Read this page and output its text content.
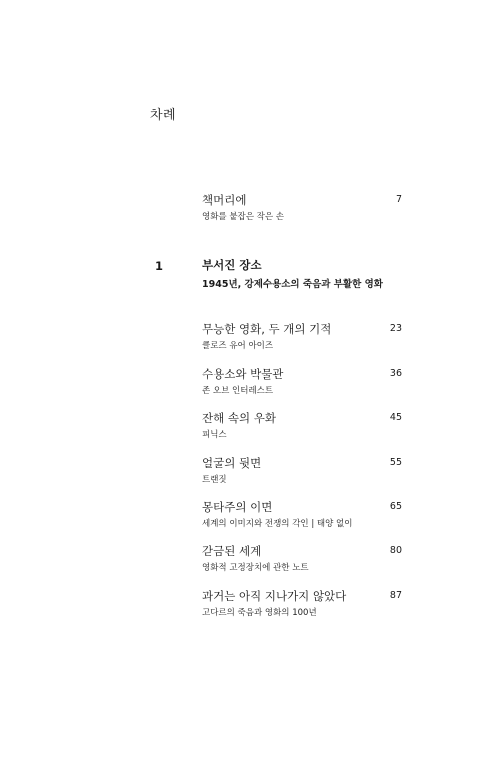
차례
책머리에
영화를 붙잡은 작은 손
7
1	부서진 장소
1945년, 강제수용소의 죽음과 부활한 영화
무능한 영화, 두 개의 기적
클로즈 유어 아이즈
23
수용소와 박물관
존 오브 인터레스트
36
잔해 속의 우화
피닉스
45
얼굴의 뒷면
트랜짓
55
몽타주의 이면
세계의 이미지와 전쟁의 각인 | 태양 없이
65
갇금된 세계
영화적 고정장치에 관한 노트
80
과거는 아직 지나가지 않았다
고다르의 죽음과 영화의 100년
87
